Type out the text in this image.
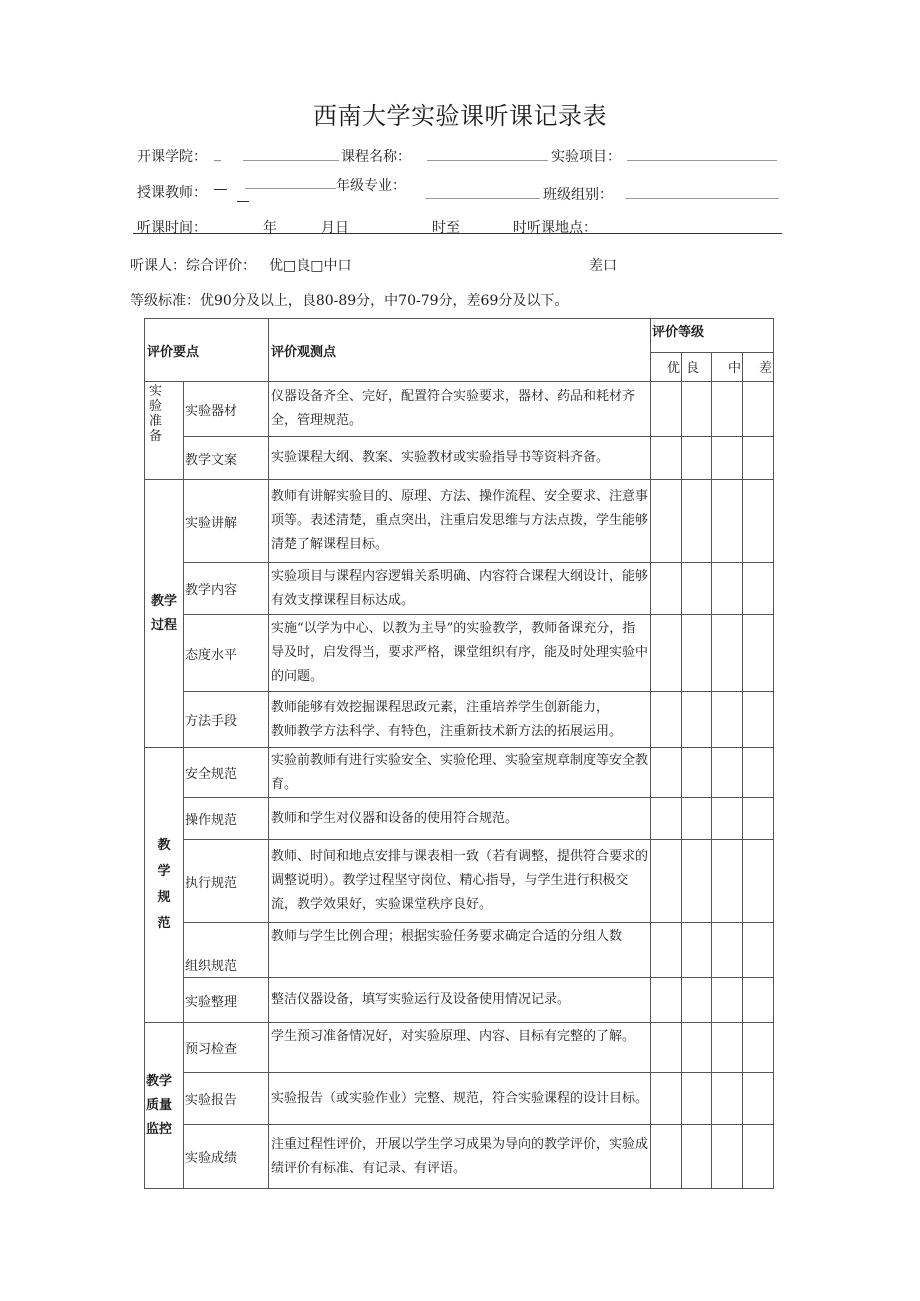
西南大学实验课听课记录表
开课学院： _	课程名称：	实验项目：
授课教师：	年级专业：
班级组别：
听课时间：	年	月日	时至	时听课地点：
听课人：综合评价： 优□良□中口	差口
等级标准：优90分及以上，良80-89分，中70-79分，差69分及以下。
评价要点		评价观测点	评价等级			
			优	良	中	差
实验准备	实验器材	仪器设备齐全、完好，配置符合实验要求，器材、药品和耗材齐全，管理规范。				
	教学文案	实验课程大纲、教案、实验教材或实验指导书等资料齐备。				
教学过程	实验讲解	教师有讲解实验目的、原理、方法、操作流程、安全要求、注意事项等。表述清楚，重点突出，注重启发思维与方法点拨，学生能够清楚了解课程目标。				
	教学内容	实验项目与课程内容逻辑关系明确、内容符合课程大纲设计，能够有效支撑课程目标达成。				
	态度水平	实施“以学为中心、以教为主导”的实验教学，教师备课充分，指导及时，启发得当，要求严格，课堂组织有序，能及时处理实验中的问题。				
	方法手段	教师能够有效挖掘课程思政元素，注重培养学生创新能力，
教师教学方法科学、有特色，注重新技术新方法的拓展运用。				

教学规范	安全规范	实验前教师有进行实验安全、实验伦理、实验室规章制度等安全教育。				
	操作规范	教师和学生对仪器和设备的使用符合规范。				
	执行规范	教师、时间和地点安排与课表相一致（若有调整，提供符合要求的调整说明）。教学过程坚守岗位、精心指导，与学生进行积极交流，教学效果好，实验课堂秩序良好。				
	组织规范	教师与学生比例合理；根据实验任务要求确定合适的分组人数				
	实验整理	整洁仪器设备，填写实验运行及设备使用情况记录。				
教学质量监控	预习检查	学生预习准备情况好，对实验原理、内容、目标有完整的了解。				
	实验报告	实验报告（或实验作业）完整、规范，符合实验课程的设计目标。				
	实验成绩	注重过程性评价，开展以学生学习成果为导向的教学评价，实验成绩评价有标准、有记录、有评语。				
